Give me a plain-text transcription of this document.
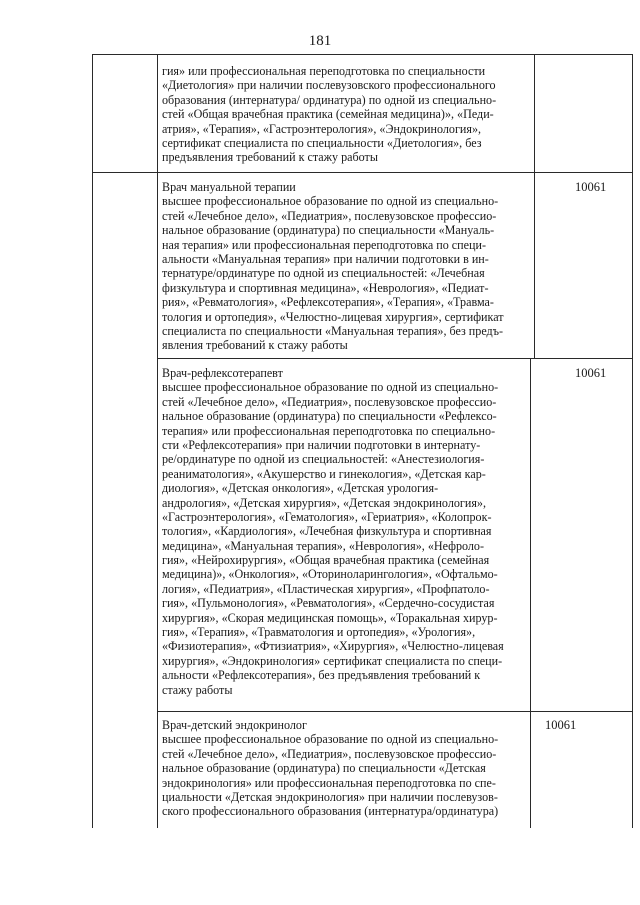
181
гия» или профессиональная переподготовка по специальности
«Диетология» при наличии послевузовского профессионального
образования (интернатура/ ординатура) по одной из специально-
стей «Общая врачебная практика (семейная медицина)», «Педи-
атрия», «Терапия», «Гастроэнтерология», «Эндокринология»,
сертификат специалиста по специальности «Диетология», без
предъявления требований к стажу работы
Врач мануальной терапии
высшее профессиональное образование по одной из специально-
стей «Лечебное дело», «Педиатрия», послевузовское профессио-
нальное образование (ординатура) по специальности «Мануаль-
ная терапия» или профессиональная переподготовка по специ-
альности «Мануальная терапия» при наличии подготовки в ин-
тернатуре/ординатуре по одной из специальностей: «Лечебная
физкультура и спортивная медицина», «Неврология», «Педиат-
рия», «Ревматология», «Рефлексотерапия», «Терапия», «Травма-
тология и ортопедия», «Челюстно-лицевая хирургия», сертификат
специалиста по специальности «Мануальная терапия», без предъ-
явления требований к стажу работы
10061
Врач-рефлексотерапевт
высшее профессиональное образование по одной из специально-
стей «Лечебное дело», «Педиатрия», послевузовское профессио-
нальное образование (ординатура) по специальности «Рефлексо-
терапия» или профессиональная переподготовка по специально-
сти «Рефлексотерапия» при наличии подготовки в интернату-
ре/ординатуре по одной из специальностей: «Анестезиология-
реаниматология», «Акушерство и гинекология», «Детская кар-
диология», «Детская онкология», «Детская урология-
андрология», «Детская хирургия», «Детская эндокринология»,
«Гастроэнтерология», «Гематология», «Гериатрия», «Колопрок-
тология», «Кардиология», «Лечебная физкультура и спортивная
медицина», «Мануальная терапия», «Неврология», «Нефроло-
гия», «Нейрохирургия», «Общая врачебная практика (семейная
медицина)», «Онкология», «Оториноларингология», «Офтальмо-
логия», «Педиатрия», «Пластическая хирургия», «Профпатоло-
гия», «Пульмонология», «Ревматология», «Сердечно-сосудистая
хирургия», «Скорая медицинская помощь», «Торакальная хирур-
гия», «Терапия», «Травматология и ортопедия», «Урология»,
«Физиотерапия», «Фтизиатрия», «Хирургия», «Челюстно-лицевая
хирургия», «Эндокринология» сертификат специалиста по специ-
альности «Рефлексотерапия», без предъявления требований к
стажу работы
10061
Врач-детский эндокринолог
высшее профессиональное образование по одной из специально-
стей «Лечебное дело», «Педиатрия», послевузовское профессио-
нальное образование (ординатура) по специальности «Детская
эндокринология» или профессиональная переподготовка по спе-
циальности «Детская эндокринология» при наличии послевузов-
ского профессионального образования (интернатура/ординатура)
10061
